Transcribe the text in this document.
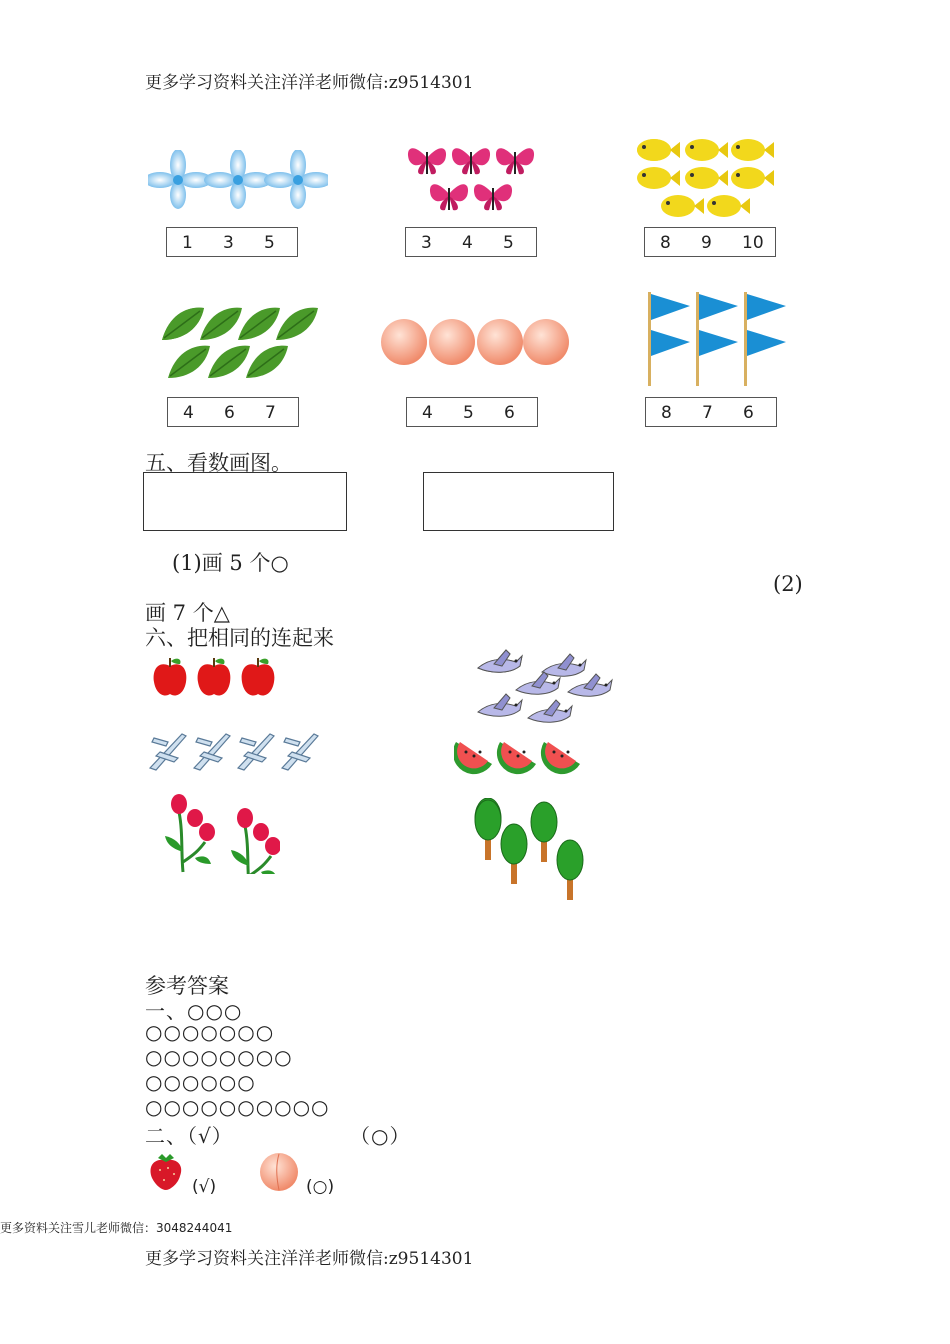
更多学习资料关注洋洋老师微信:z9514301
1 3 5	3 4 5	8 9 10
4 6 7	4 5 6	8 7 6
五、看数画图。
(1)画 5 个○
(2)
画 7 个△
六、把相同的连起来
参考答案
一、○○○
○○○○○○○
○○○○○○○○
○○○○○○
○○○○○○○○○○
二、（√）	（○）
(√)	(○)
更多资料关注雪儿老师微信：3048244041
更多学习资料关注洋洋老师微信:z9514301
